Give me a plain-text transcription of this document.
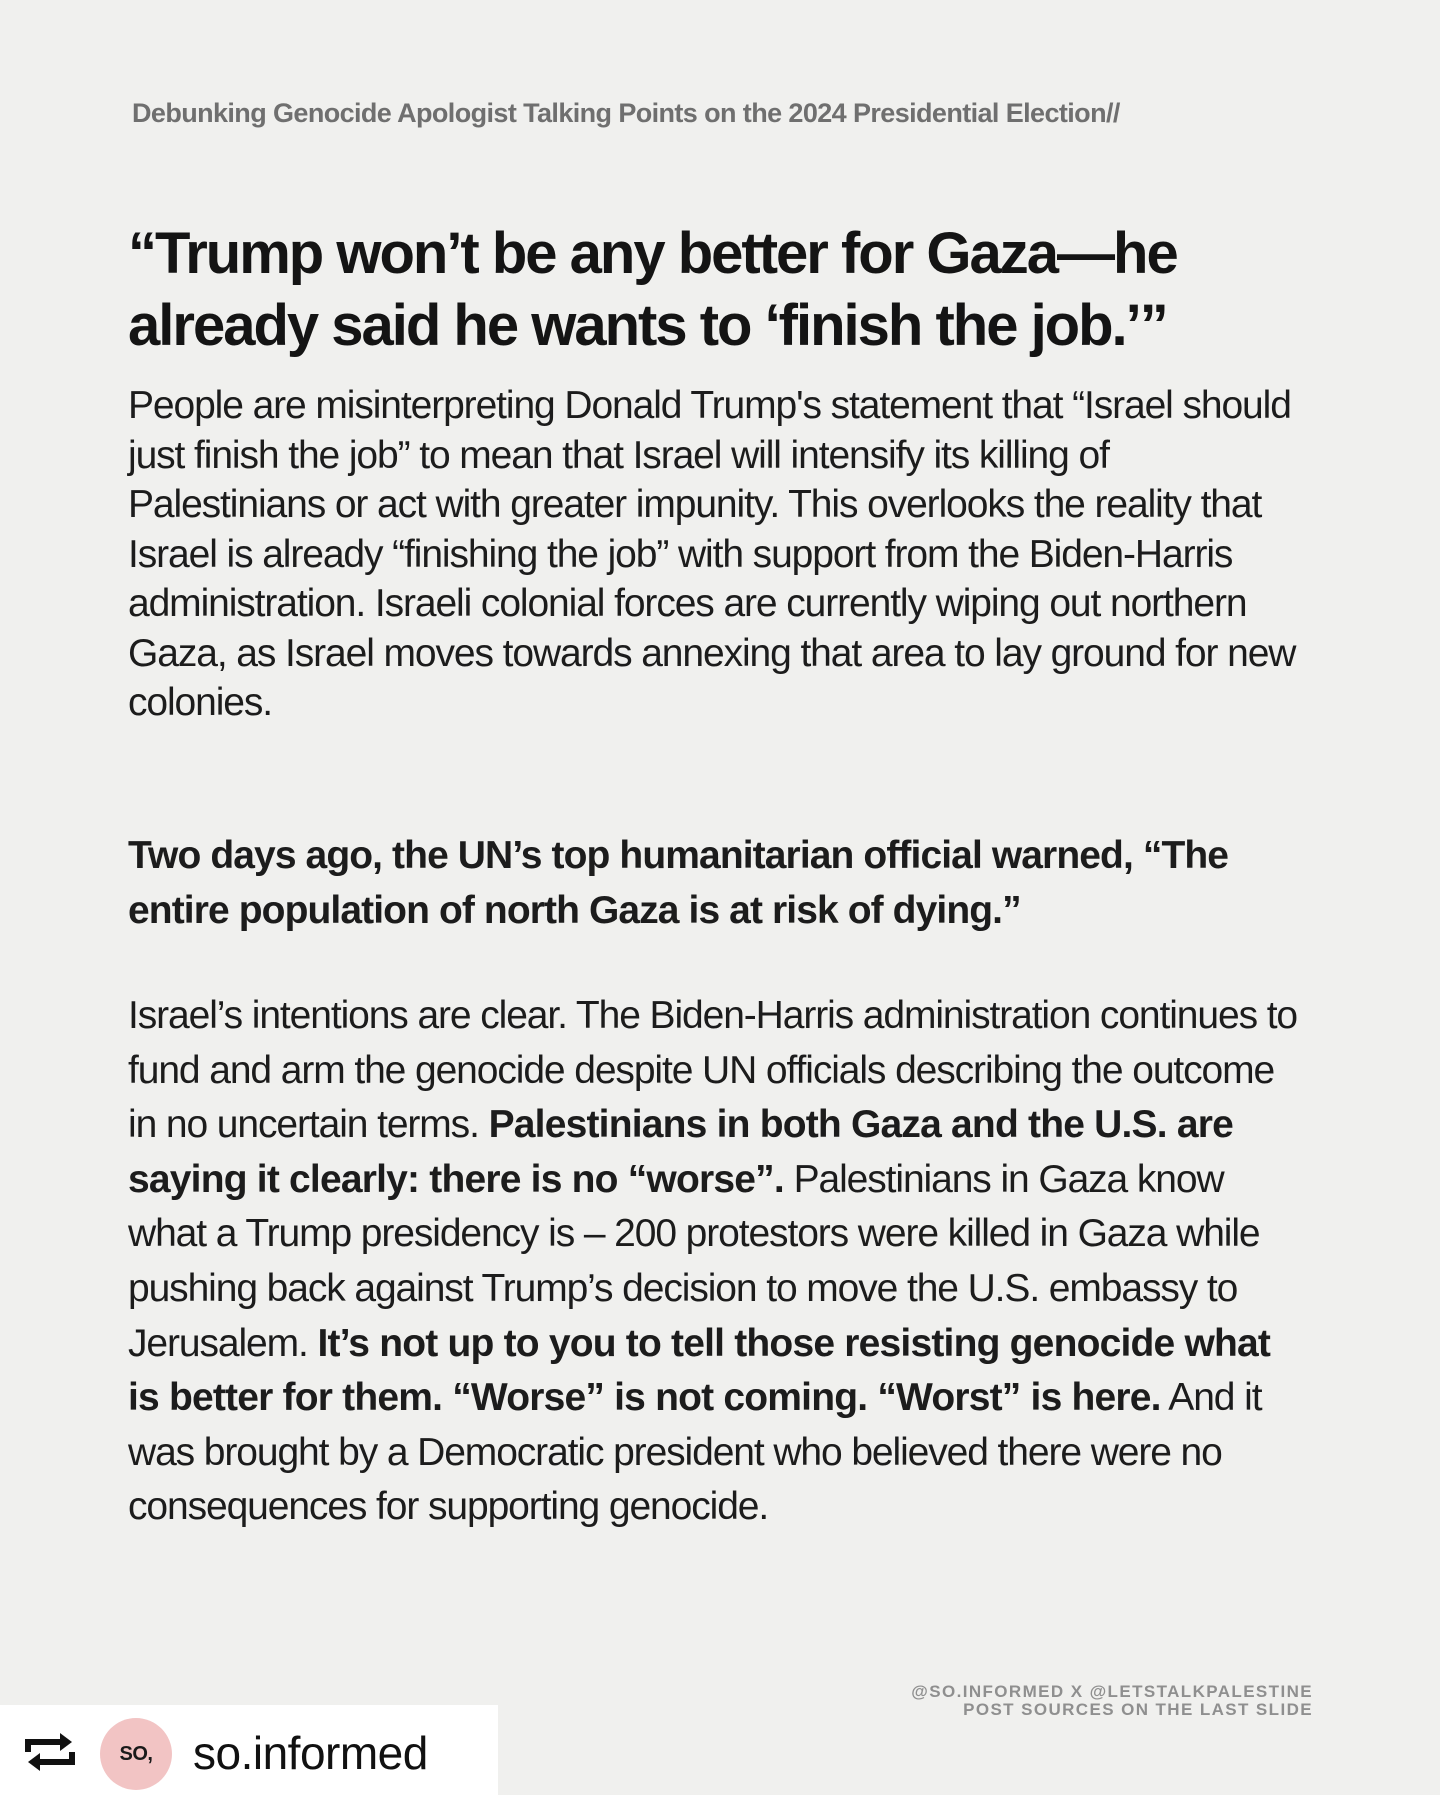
Debunking Genocide Apologist Talking Points on the 2024 Presidential Election//
“Trump won’t be any better for Gaza—he already said he wants to ‘finish the job.’”

People are misinterpreting Donald Trump's statement that “Israel should just finish the job” to mean that Israel will intensify its killing of Palestinians or act with greater impunity. This overlooks the reality that Israel is already “finishing the job” with support from the Biden-Harris administration. Israeli colonial forces are currently wiping out northern Gaza, as Israel moves towards annexing that area to lay ground for new colonies.

Two days ago, the UN’s top humanitarian official warned, “The entire population of north Gaza is at risk of dying.”

Israel’s intentions are clear. The Biden-Harris administration continues to fund and arm the genocide despite UN officials describing the outcome in no uncertain terms. Palestinians in both Gaza and the U.S. are saying it clearly: there is no “worse”. Palestinians in Gaza know what a Trump presidency is – 200 protestors were killed in Gaza while pushing back against Trump’s decision to move the U.S. embassy to Jerusalem. It’s not up to you to tell those resisting genocide what is better for them. “Worse” is not coming. “Worst” is here. And it was brought by a Democratic president who believed there were no consequences for supporting genocide.

@SO.INFORMED X @LETSTALKPALESTINE
POST SOURCES ON THE LAST SLIDE
SO, so.informed
